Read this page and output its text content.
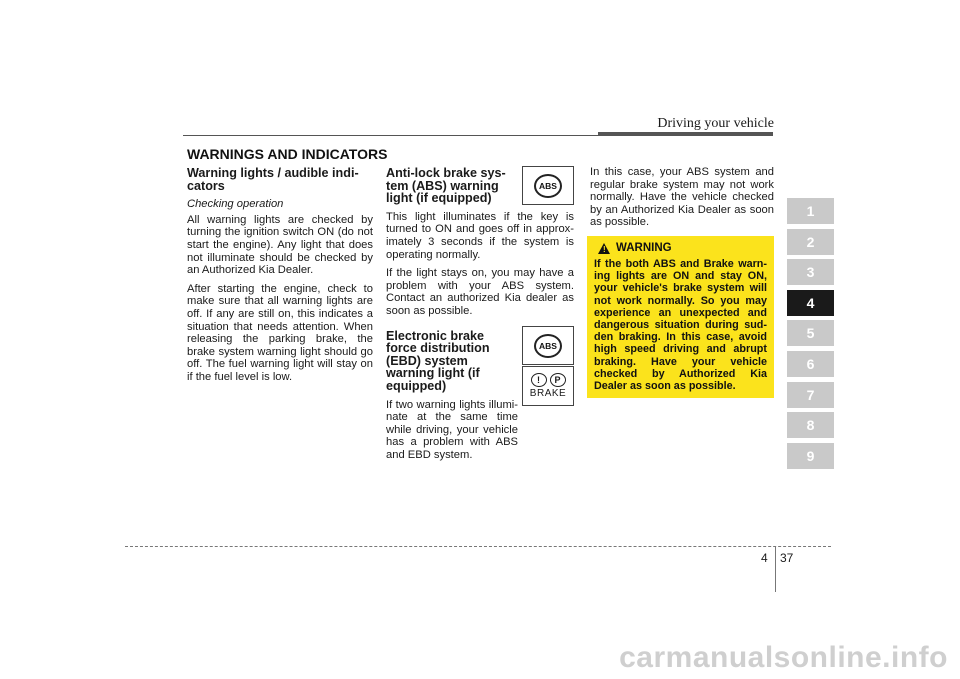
Driving your vehicle
WARNINGS AND INDICATORS
Warning lights / audible indi-cators
Checking operation

All warning lights are checked by turning the ignition switch ON (do not start the engine). Any light that does not illuminate should be checked by an Authorized Kia Dealer.

After starting the engine, check to make sure that all warning lights are off. If any are still on, this indicates a situation that needs attention. When releasing the parking brake, the brake system warning light should go off. The fuel warning light will stay on if the fuel level is low.

Anti-lock brake sys-tem (ABS) warning light (if equipped)

This light illuminates if the key is turned to ON and goes off in approx-imately 3 seconds if the system is operating normally.

If the light stays on, you may have a problem with your ABS system. Contact an authorized Kia dealer as soon as possible.

Electronic brake force distribution (EBD) system warning light (if equipped)

If two warning lights illumi-nate at the same time while driving, your vehicle has a problem with ABS and EBD system.

ABS
ABS
!	P
BRAKE

In this case, your ABS system and regular brake system may not work normally. Have the vehicle checked by an Authorized Kia Dealer as soon as possible.

! WARNING

If the both ABS and Brake warn-ing lights are ON and stay ON, your vehicle's brake system will not work normally. So you may experience an unexpected and dangerous situation during sud-den braking. In this case, avoid high speed driving and abrupt braking. Have your vehicle checked by Authorized Kia Dealer as soon as possible.

1
2
3
4
5
6
7
8
9
4 37
carmanualsonline.info
